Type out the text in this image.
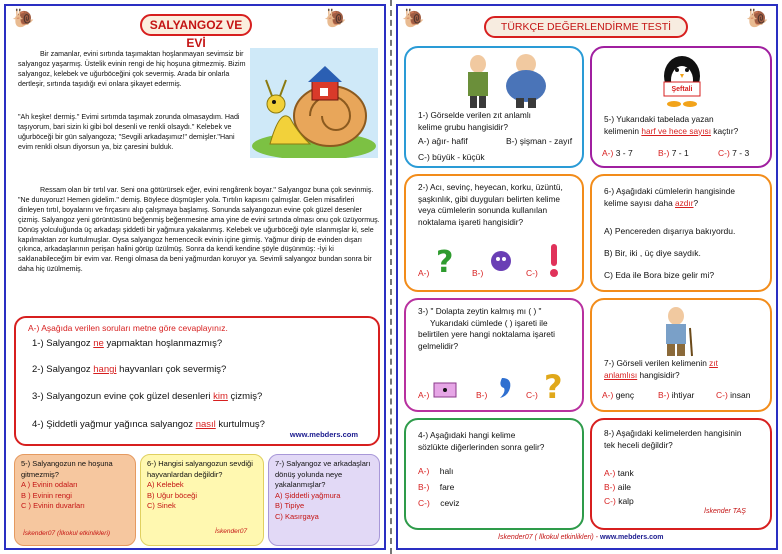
🐌	🐌
SALYANGOZ VE EVİ

Bir zamanlar, evini sırtında taşımaktan hoşlanmayan sevimsiz bir salyangoz yaşarmış. Üstelik evinin rengi de hiç hoşuna gitmezmiş. Bizim salyangoz, kelebek ve uğurböceğini çok severmiş. Arada bir onlarla dertleşir, sırtında taşıdığı evi onlara şikayet edermiş.

"Ah keşke! dermiş." Evimi sırtımda taşımak zorunda olmasaydım. Hadi taşıyorum, bari sizin ki gibi bol desenli ve renkli olsaydı." Kelebek ve uğurböceği bir gün salyangoza; "Sevgili arkadaşımız!" demişler."Hani evim renkli olsun diyorsun ya, biz çaresini bulduk.

Ressam olan bir tırtıl var. Seni ona götürürsek eğer, evini rengârenk boyar." Salyangoz buna çok sevinmiş. "Ne duruyoruz! Hemen gidelim." demiş. Böylece düşmüşler yola. Tırtılın kapısını çalmışlar. Gelen misafirleri dinleyen tırtıl, boyalarını ve fırçasını alıp çalışmaya başlamış. Sonunda salyangozun evine çok güzel desenler çizmiş. Salyangoz yeni görüntüsünü beğenmiş beğenmesine ama yine de evini sırtında olması onu çok üzüyormuş. Dönüş yolculuğunda üç arkadaşı şiddetli bir yağmura yakalanmış. Kelebek ve uğurböceği öyle ıslanmışlar ki, sele kapılmaktan zor kurtulmuşlar. Oysa salyangoz hemencecik evinin içine girmiş. Yağmur dinip de evinden dışarı çıkınca, arkadaşlarının perişan halini görüp üzülmüş. Sonra da kendi kendine şöyle düşünmüş: -İyi ki saklanabileceğim bir evim var. Rengi olmasa da beni yağmurdan koruyor ya. Sevimli salyangoz bundan sonra bir daha hiç üzülmemiş.

A-) Aşağıda verilen soruları metne göre cevaplayınız.
1-) Salyangoz ne yapmaktan hoşlanmazmış?
2-) Salyangoz hangi hayvanları çok severmiş?
3-) Salyangozun evine çok güzel desenleri kim çizmiş?
4-) Şiddetli yağmur yağınca salyangoz nasıl kurtulmuş?
www.mebders.com
5-) Salyangozun ne hoşuna gitmezmiş?
A ) Evinin odaları
B ) Evinin rengi
C ) Evinin duvarları
İskender07 (İlkokul etkinlikleri)
6-) Hangisi salyangozun sevdiği hayvanlardan değildir?
A) Kelebek
B) Uğur böceği
C) Sinek
İskender07
7-) Salyangoz ve arkadaşları dönüş yolunda neye yakalanmışlar?
A) Şiddetli yağmura
B) Tipiye
C) Kasırgaya
🐌	🐌
TÜRKÇE DEĞERLENDİRME TESTİ
1-) Görselde verilen zıt anlamlı
kelime grubu hangisidir?
A-) ağır- hafif	B-) şişman - zayıf
C-) büyük - küçük
Şeftali
5-) Yukarıdaki tabelada yazan
kelimenin harf ve hece sayısı kaçtır?
A-) 3 - 7	B-) 7 - 1	C-) 7 - 3
2-) Acı, sevinç, heyecan, korku, üzüntü, şaşkınlık, gibi duyguları belirten kelime veya cümlelerin sonunda kullanılan noktalama işareti hangisidir?
A-) ? B-)	C-)
6-) Aşağıdaki cümlelerin hangisinde
kelime sayısı daha azdır?
A) Pencereden dışarıya bakıyordu.
B) Bir, iki , üç diye saydık.
C) Eda ile Bora bize gelir mi?
3-) " Dolapta zeytin kalmış mı ( ) "
Yukarıdaki cümlede ( ) işareti ile belirtilen yere hangi noktalama işareti gelmelidir?
A-)	B-)	C-) ?
7-) Görseli verilen kelimenin zıt
anlamlısı hangisidir?
A-) genç	B-) ihtiyar	C-) insan
4-) Aşağıdaki hangi kelime
sözlükte diğerlerinden sonra gelir?
A-) halı
B-) fare
C-) ceviz
8-) Aşağıdaki kelimelerden hangisinin
tek heceli değildir?
A-) tank
B-) aile
C-) kalp
İskender TAŞ
İskender07 ( İlkokul etkinlikleri) - www.mebders.com
